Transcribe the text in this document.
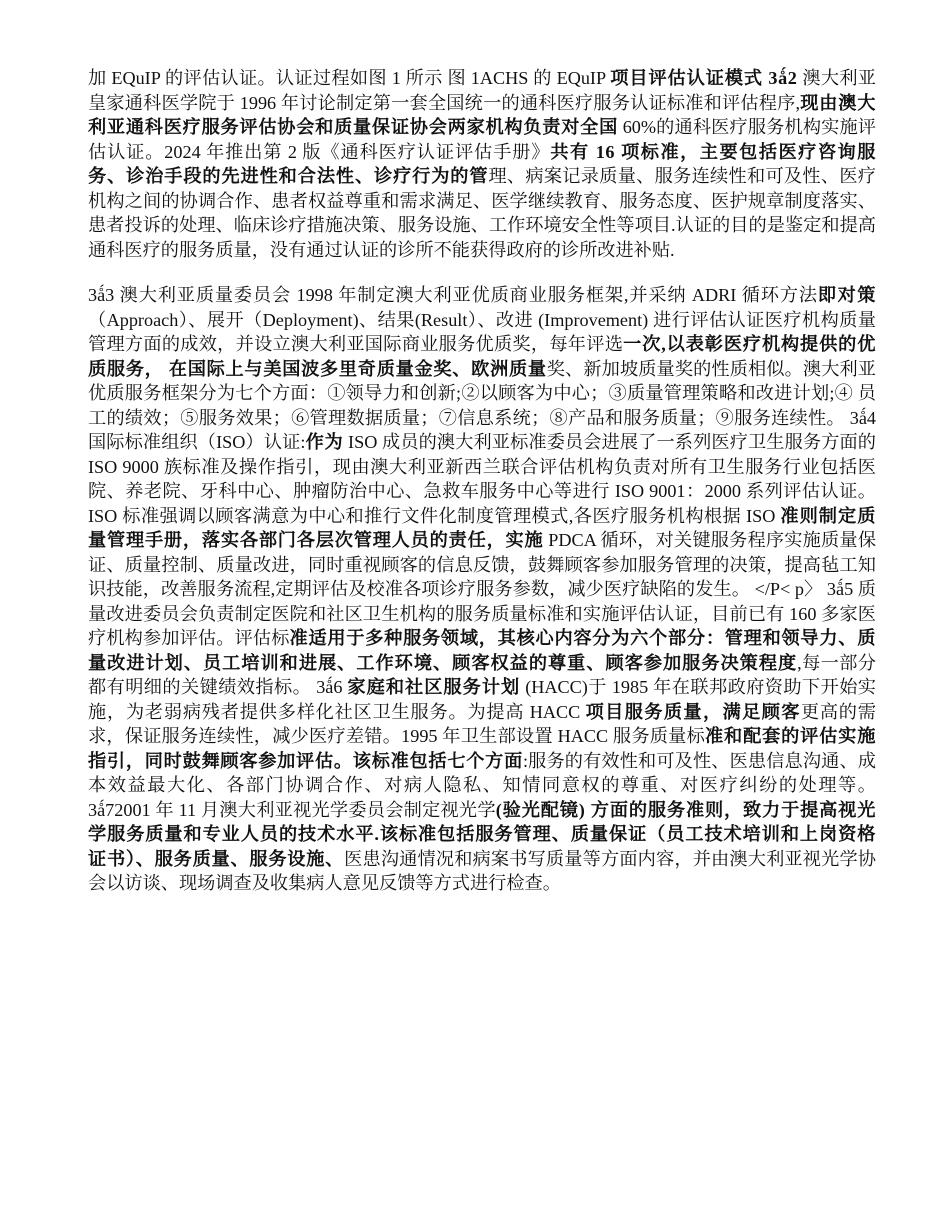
加 EQuIP 的评估认证。认证过程如图 1 所示 图 1ACHS 的 EQuIP 项目评估认证模式 3ǻ2 澳大利亚皇家通科医学院于 1996 年讨论制定第一套全国统一的通科医疗服务认证标准和评估程序,现由澳大利亚通科医疗服务评估协会和质量保证协会两家机构负责对全国 60%的通科医疗服务机构实施评估认证。2024 年推出第 2 版《通科医疗认证评估手册》共有 16 项标准，主要包括医疗咨询服务、诊治手段的先进性和合法性、诊疗行为的管理、病案记录质量、服务连续性和可及性、医疗机构之间的协调合作、患者权益尊重和需求满足、医学继续教育、服务态度、医护规章制度落实、患者投诉的处理、临床诊疗措施决策、服务设施、工作环境安全性等项目.认证的目的是鉴定和提高通科医疗的服务质量，没有通过认证的诊所不能获得政府的诊所改进补贴.

3ǻ3 澳大利亚质量委员会 1998 年制定澳大利亚优质商业服务框架,并采纳 ADRI 循环方法即对策（Approach）、展开（Deployment)、结果(Result）、改进 (Improvement) 进行评估认证医疗机构质量管理方面的成效，并设立澳大利亚国际商业服务优质奖，每年评选一次,以表彰医疗机构提供的优质服务， 在国际上与美国波多里奇质量金奖、欧洲质量奖、新加坡质量奖的性质相似。澳大利亚优质服务框架分为七个方面：①领导力和创新;②以顾客为中心；③质量管理策略和改进计划;④ 员工的绩效；⑤服务效果；⑥管理数据质量；⑦信息系统；⑧产品和服务质量；⑨服务连续性。 3ǻ4 国际标准组织（ISO）认证:作为 ISO 成员的澳大利亚标准委员会进展了一系列医疗卫生服务方面的 ISO 9000 族标准及操作指引，现由澳大利亚新西兰联合评估机构负责对所有卫生服务行业包括医院、养老院、牙科中心、肿瘤防治中心、急救车服务中心等进行 ISO 9001：2000 系列评估认证。ISO 标准强调以顾客满意为中心和推行文件化制度管理模式,各医疗服务机构根据 ISO 准则制定质量管理手册，落实各部门各层次管理人员的责任，实施 PDCA 循环，对关键服务程序实施质量保证、质量控制、质量改进，同时重视顾客的信息反馈，鼓舞顾客参加服务管理的决策，提高毡工知识技能，改善服务流程,定期评估及校准各项诊疗服务参数，减少医疗缺陷的发生。 </P< p〉 3ǻ5 质量改进委员会负责制定医院和社区卫生机构的服务质量标准和实施评估认证，目前已有 160 多家医疗机构参加评估。评估标准适用于多种服务领域，其核心内容分为六个部分：管理和领导力、质量改进计划、员工培训和进展、工作环境、顾客权益的尊重、顾客参加服务决策程度,每一部分都有明细的关键绩效指标。 3ǻ6 家庭和社区服务计划 (HACC)于 1985 年在联邦政府资助下开始实施，为老弱病残者提供多样化社区卫生服务。为提高 HACC 项目服务质量，满足顾客更高的需求，保证服务连续性，减少医疗差错。1995 年卫生部设置 HACC 服务质量标准和配套的评估实施指引，同时鼓舞顾客参加评估。该标准包括七个方面:服务的有效性和可及性、医患信息沟通、成本效益最大化、各部门协调合作、对病人隐私、知情同意权的尊重、对医疗纠纷的处理等。 3ǻ72001 年 11 月澳大利亚视光学委员会制定视光学(验光配镜) 方面的服务准则，致力于提高视光学服务质量和专业人员的技术水平.该标准包括服务管理、质量保证（员工技术培训和上岗资格证书）、服务质量、服务设施、医患沟通情况和病案书写质量等方面内容，并由澳大利亚视光学协会以访谈、现场调查及收集病人意见反馈等方式进行检查。
